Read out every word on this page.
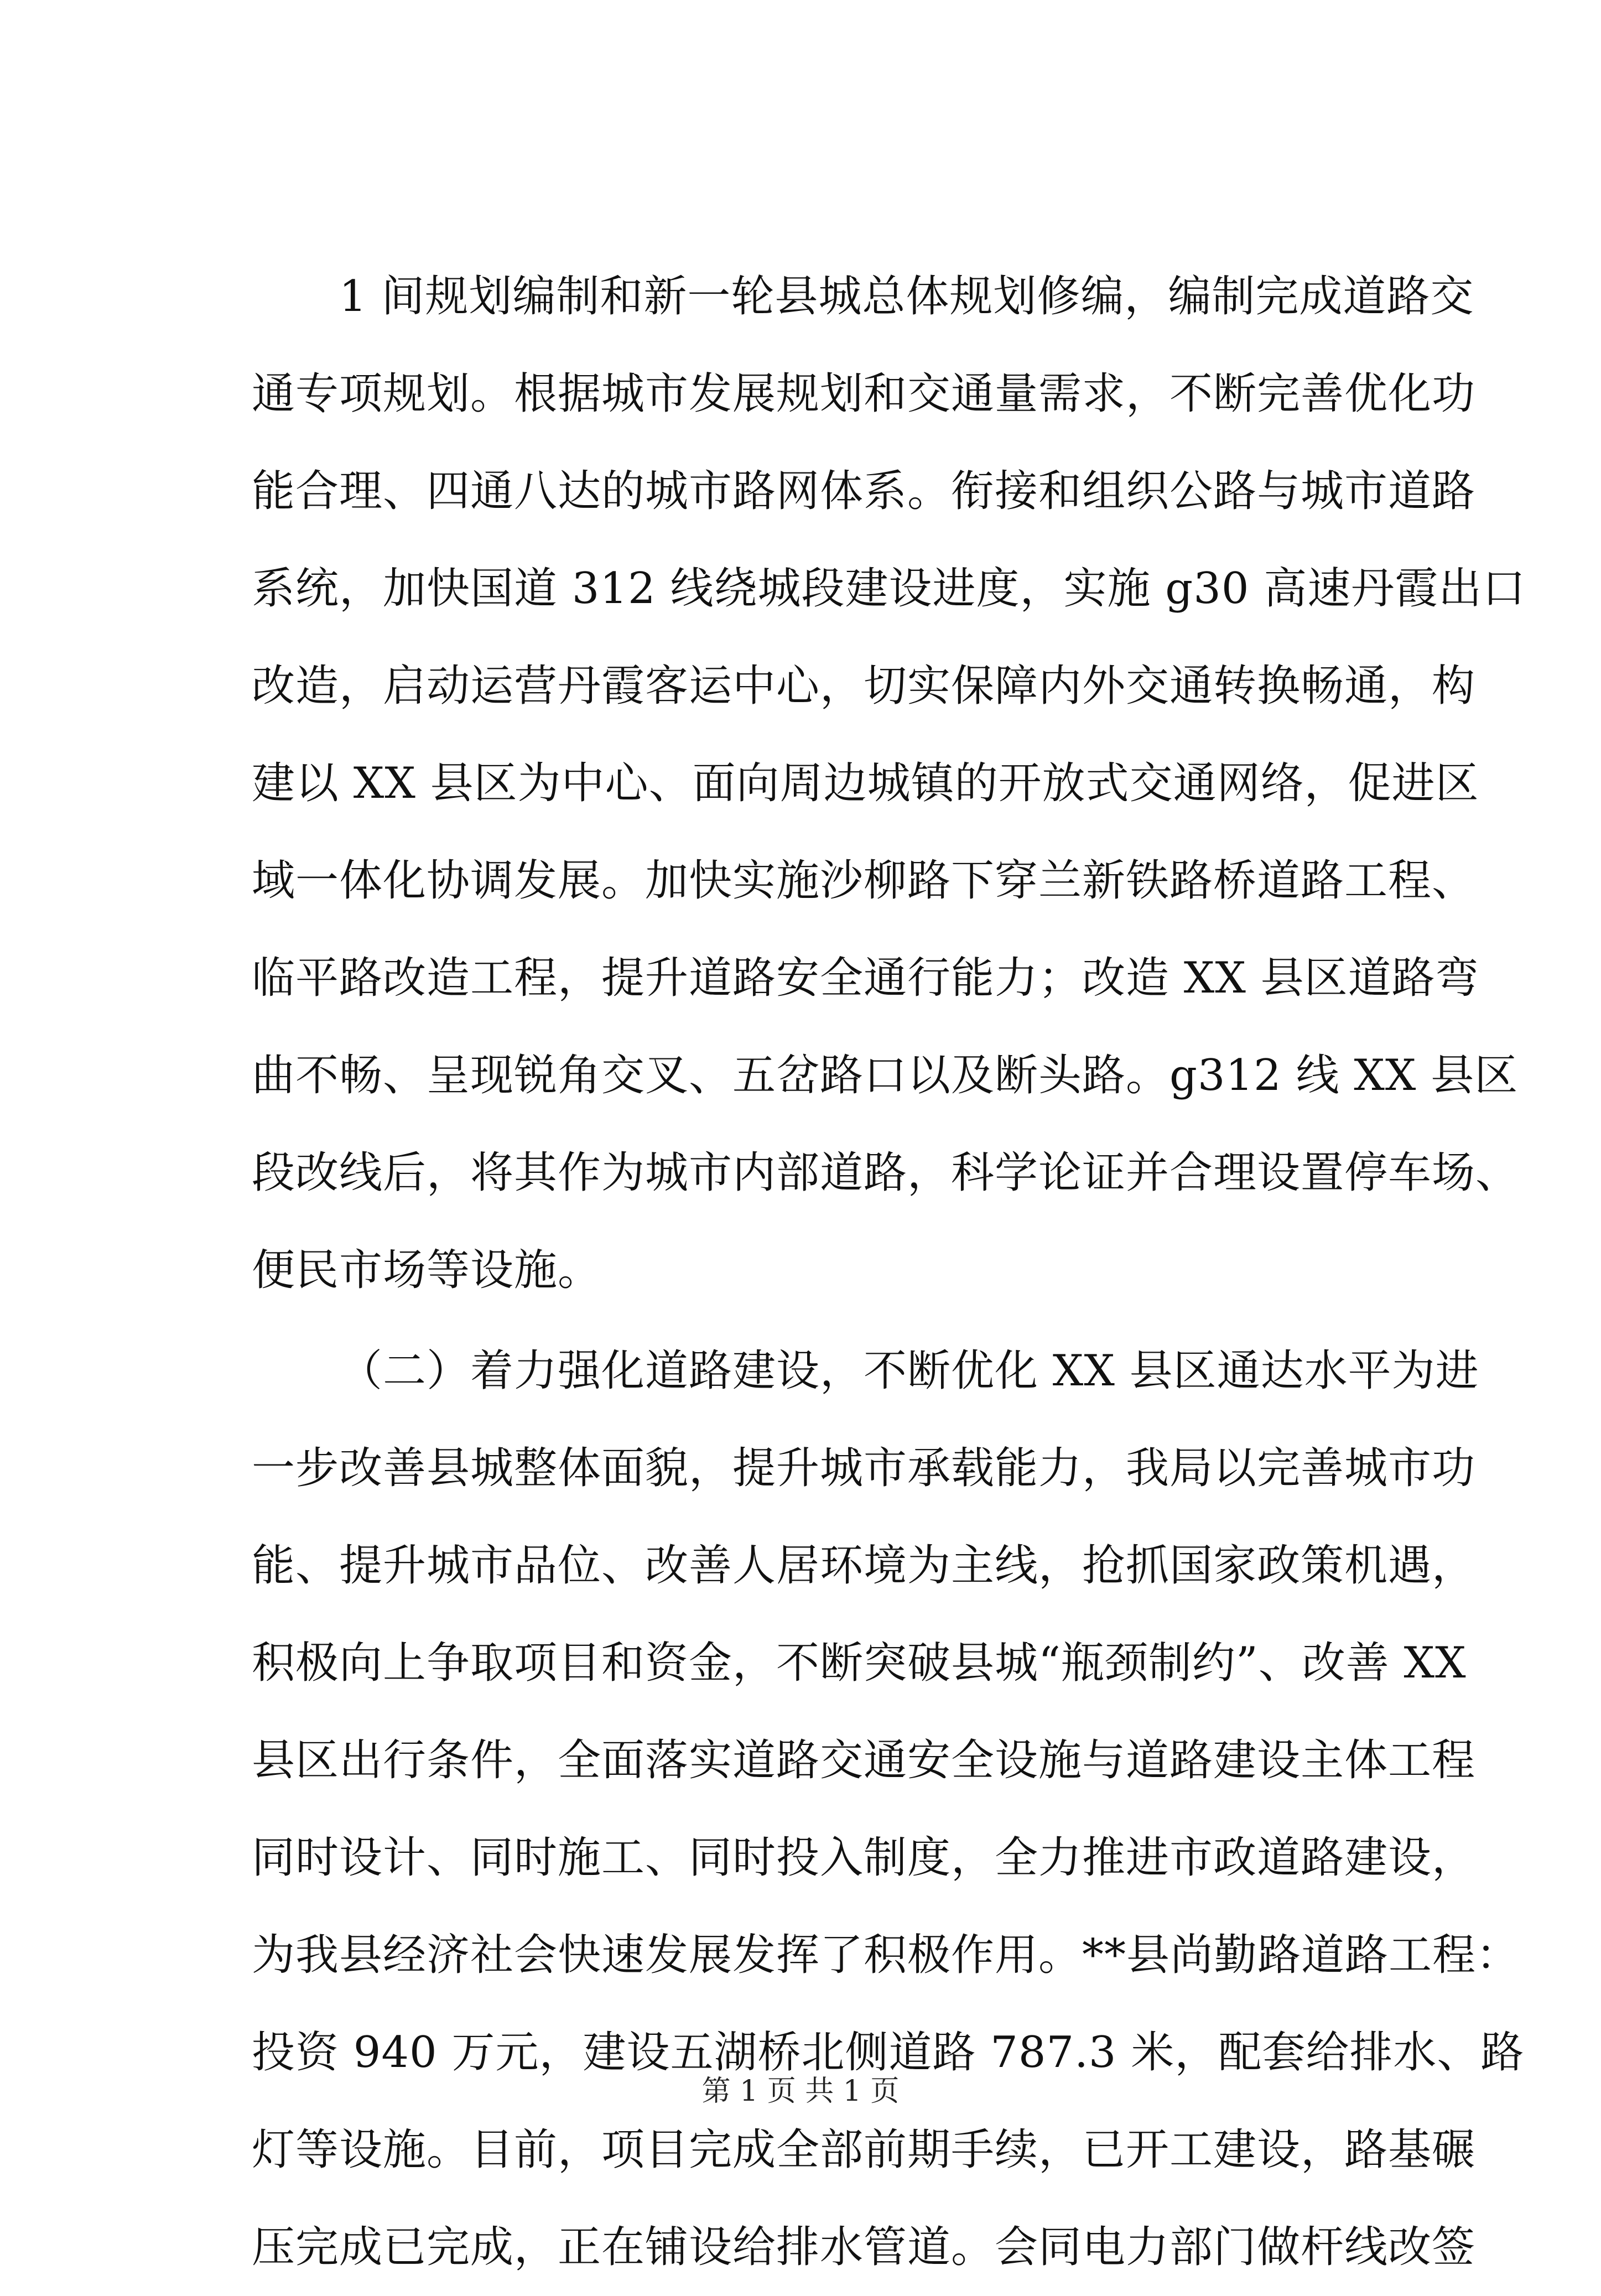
1 间规划编制和新一轮县城总体规划修编，编制完成道路交
通专项规划。根据城市发展规划和交通量需求，不断完善优化功
能合理、四通八达的城市路网体系。衔接和组织公路与城市道路
系统，加快国道 312 线绕城段建设进度，实施 g30 高速丹霞出口
改造，启动运营丹霞客运中心，切实保障内外交通转换畅通，构
建以 XX 县区为中心、面向周边城镇的开放式交通网络，促进区
域一体化协调发展。加快实施沙柳路下穿兰新铁路桥道路工程、
临平路改造工程，提升道路安全通行能力；改造 XX 县区道路弯
曲不畅、呈现锐角交叉、五岔路口以及断头路。g312 线 XX 县区
段改线后，将其作为城市内部道路，科学论证并合理设置停车场、
便民市场等设施。
（二）着力强化道路建设，不断优化 XX 县区通达水平为进
一步改善县城整体面貌，提升城市承载能力，我局以完善城市功
能、提升城市品位、改善人居环境为主线，抢抓国家政策机遇，
积极向上争取项目和资金，不断突破县城“瓶颈制约”、改善 XX
县区出行条件，全面落实道路交通安全设施与道路建设主体工程
同时设计、同时施工、同时投入制度，全力推进市政道路建设，
为我县经济社会快速发展发挥了积极作用。**县尚勤路道路工程：
投资 940 万元，建设五湖桥北侧道路 787.3 米，配套给排水、路
灯等设施。目前，项目完成全部前期手续，已开工建设，路基碾
压完成已完成，正在铺设给排水管道。会同电力部门做杆线改签
第 1 页 共 1 页
